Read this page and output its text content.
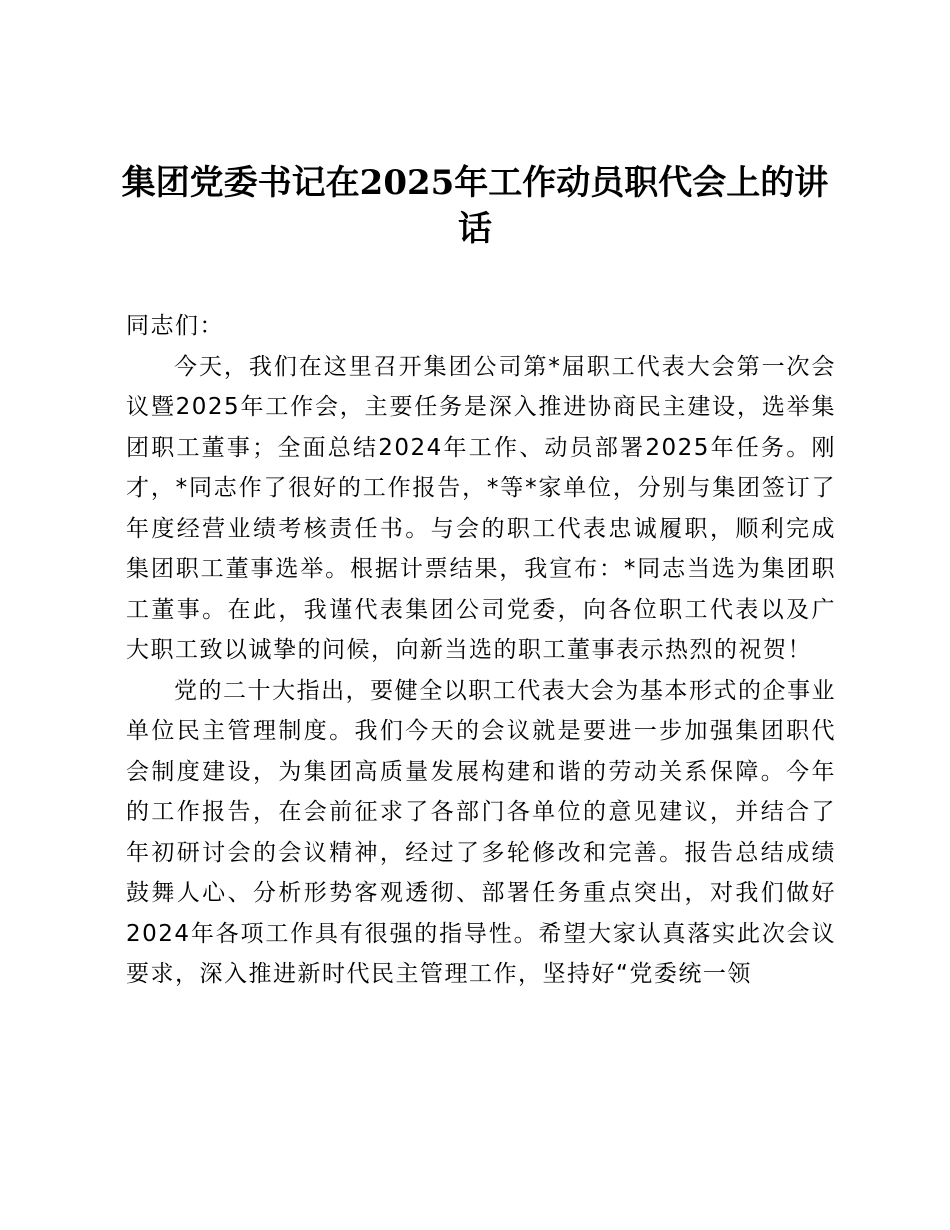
集团党委书记在2025年工作动员职代会上的讲话

同志们：

今天，我们在这里召开集团公司第*届职工代表大会第一次会议暨2025年工作会，主要任务是深入推进协商民主建设，选举集团职工董事；全面总结2024年工作、动员部署2025年任务。刚才，*同志作了很好的工作报告，*等*家单位，分别与集团签订了年度经营业绩考核责任书。与会的职工代表忠诚履职，顺利完成集团职工董事选举。根据计票结果，我宣布：*同志当选为集团职工董事。在此，我谨代表集团公司党委，向各位职工代表以及广大职工致以诚挚的问候，向新当选的职工董事表示热烈的祝贺！

党的二十大指出，要健全以职工代表大会为基本形式的企事业单位民主管理制度。我们今天的会议就是要进一步加强集团职代会制度建设，为集团高质量发展构建和谐的劳动关系保障。今年的工作报告，在会前征求了各部门各单位的意见建议，并结合了年初研讨会的会议精神，经过了多轮修改和完善。报告总结成绩鼓舞人心、分析形势客观透彻、部署任务重点突出，对我们做好2024年各项工作具有很强的指导性。希望大家认真落实此次会议要求，深入推进新时代民主管理工作，坚持好“党委统一领
